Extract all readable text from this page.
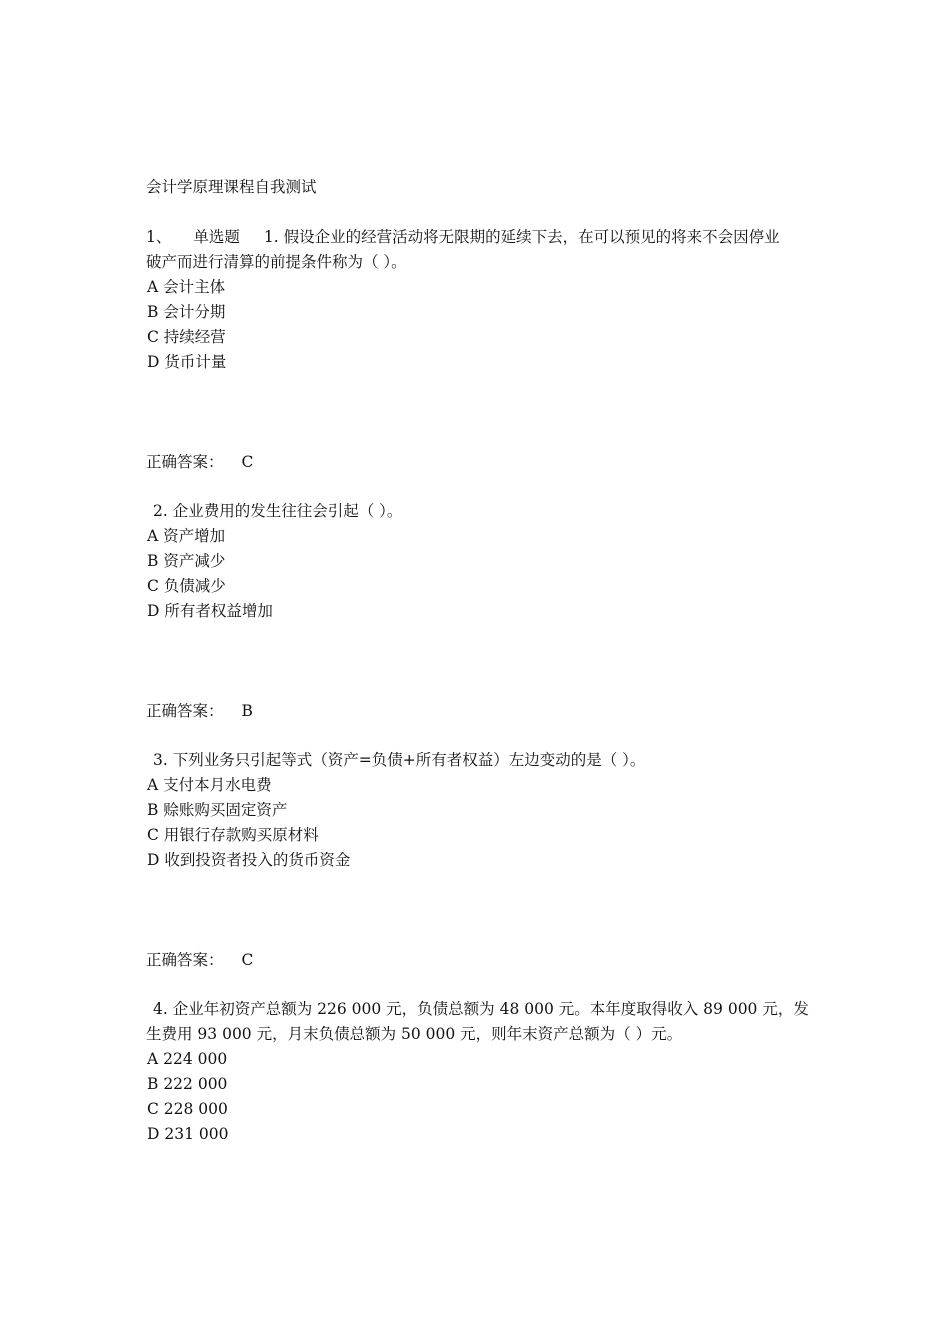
会计学原理课程自我测试
1、 单选题 1. 假设企业的经营活动将无限期的延续下去，在可以预见的将来不会因停业
破产而进行清算的前提条件称为（ ）。
A 会计主体
B 会计分期
C 持续经营
D 货币计量
正确答案： C
2. 企业费用的发生往往会引起（ ）。
A 资产增加
B 资产减少
C 负债减少
D 所有者权益增加
正确答案： B
3. 下列业务只引起等式（资产=负债+所有者权益）左边变动的是（ ）。
A 支付本月水电费
B 赊账购买固定资产
C 用银行存款购买原材料
D 收到投资者投入的货币资金
正确答案： C
4. 企业年初资产总额为 226 000 元，负债总额为 48 000 元。本年度取得收入 89 000 元，发
生费用 93 000 元，月末负债总额为 50 000 元，则年末资产总额为（ ）元。
A 224 000
B 222 000
C 228 000
D 231 000
